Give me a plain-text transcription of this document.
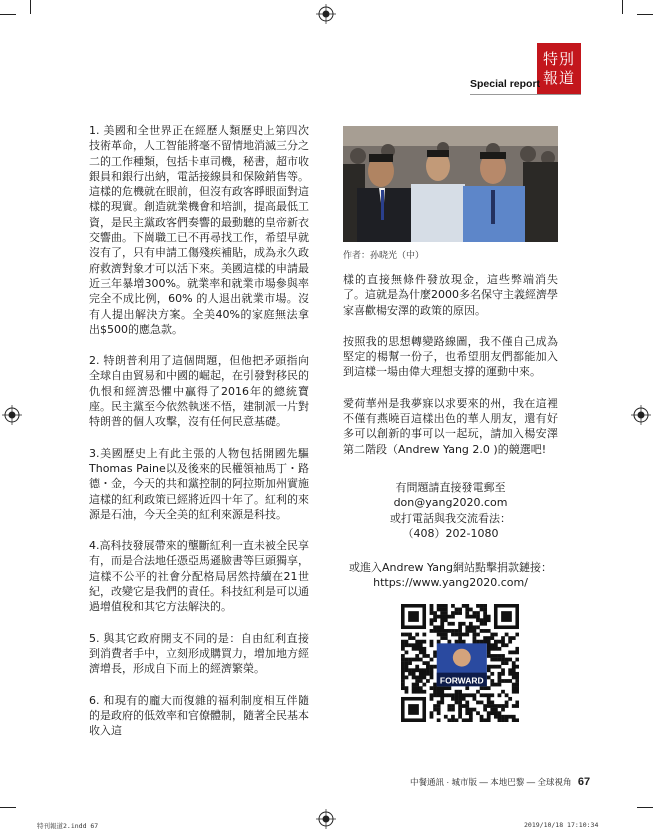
特別
報道
Special report

1. 美國和全世界正在經歷人類歷史上第四次技術革命，人工智能將毫不留情地消滅三分之二的工作種類，包括卡車司機，秘書，超市收銀員和銀行出納，電話接線員和保險銷售等。這樣的危機就在眼前，但沒有政客睜眼面對這樣的現實。創造就業機會和培訓，提高最低工資，是民主黨政客們奏響的最動聽的皇帝新衣交響曲。下崗職工已不再尋找工作，希望早就沒有了，只有申請工傷殘疾補貼，成為永久政府救濟對象才可以活下來。美國這樣的申請最近三年暴增300%。就業率和就業市場參與率完全不成比例，60% 的人退出就業市場。沒有人提出解決方案。全美40%的家庭無法拿出$500的應急款。

2. 特朗普利用了這個問題，但他把矛頭指向全球自由貿易和中國的崛起，在引發對移民的仇恨和經濟恐懼中贏得了2016年的總統寶座。民主黨至今依然執迷不悟，建制派一片對特朗普的個人攻擊，沒有任何民意基礎。

3.美國歷史上有此主張的人物包括開國先驅 Thomas Paine以及後來的民權領袖馬丁・路德・金，今天的共和黨控制的阿拉斯加州實施這樣的紅利政策已經將近四十年了。紅利的來源是石油，今天全美的紅利來源是科技。

4.高科技發展帶來的壟斷紅利一直未被全民享有，而是合法地任憑亞馬遜臉書等巨頭獨享，這樣不公平的社會分配格局居然持續在21世紀，改變它是我們的責任。科技紅利是可以通過增值稅和其它方法解決的。

5. 與其它政府開支不同的是：自由紅利直接到消費者手中，立刻形成購買力，增加地方經濟增長，形成自下而上的經濟繁榮。

6. 和現有的龐大而復雜的福利制度相互伴隨的是政府的低效率和官僚體制，隨著全民基本收入這

作者：孙晓光（中）

樣的直接無條件發放現金，這些弊端消失了。這就是為什麼2000多名保守主義經濟學家喜歡楊安澤的政策的原因。

按照我的思想轉變路線圖，我不僅自己成為堅定的楊幫一份子，也希望朋友們都能加入到這樣一場由偉大理想支撐的運動中來。

愛荷華州是我夢寐以求要來的州，我在這裡不僅有燕曉百這樣出色的華人朋友，還有好多可以創新的事可以一起玩，請加入楊安澤第二階段（Andrew Yang 2.0 )的競選吧!

有問題請直接發電郵至
don@yang2020.com
或打電話與我交流看法：
（408）202-1080
或進入Andrew Yang網站點擊捐款鏈接：
https://www.yang2020.com/
FORWARD
中餐通訊 · 城市版 — 本地巴黎 — 全球視角 67
特刊報道2.indd 67	2019/10/18 17:10:34
